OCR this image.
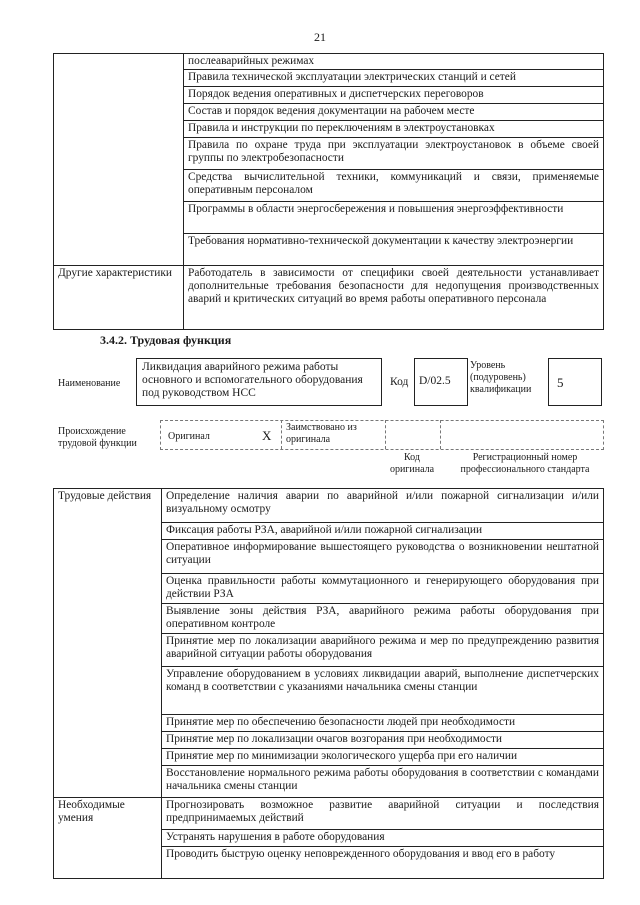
21
	послеаварийных режимах
	Правила технической эксплуатации электрических станций и сетей
	Порядок ведения оперативных и диспетчерских переговоров
	Состав и порядок ведения документации на рабочем месте
	Правила и инструкции по переключениям в электроустановках
	Правила по охране труда при эксплуатации электроустановок в объеме своей группы по электробезопасности
	Средства вычислительной техники, коммуникаций и связи, применяемые оперативным персоналом
	Программы в области энергосбережения и повышения энергоэффективности
	Требования нормативно-технической документации к качеству электроэнергии
Другие характеристики	Работодатель в зависимости от специфики своей деятельности устанавливает дополнительные требования безопасности для недопущения производственных аварий и критических ситуаций во время работы оперативного персонала
3.4.2. Трудовая функция
Наименование
Ликвидация аварийного режима работы основного и вспомогательного оборудования под руководством НСС
Код D/02.5
Уровень (подуровень) квалификации	5
Происхождение трудовой функции
Оригинал	X
Заимствовано из оригинала
Код оригинала
Регистрационный номер профессионального стандарта
Трудовые действия	Определение наличия аварии по аварийной и/или пожарной сигнализации и/или визуальному осмотру
	Фиксация работы РЗА, аварийной и/или пожарной сигнализации
	Оперативное информирование вышестоящего руководства о возникновении нештатной ситуации
	Оценка правильности работы коммутационного и генерирующего оборудования при действии РЗА
	Выявление зоны действия РЗА, аварийного режима работы оборудования при оперативном контроле
	Принятие мер по локализации аварийного режима и мер по предупреждению развития аварийной ситуации работы оборудования
	Управление оборудованием в условиях ликвидации аварий, выполнение диспетчерских команд в соответствии с указаниями начальника смены станции
	Принятие мер по обеспечению безопасности людей при необходимости
	Принятие мер по локализации очагов возгорания при необходимости
	Принятие мер по минимизации экологического ущерба при его наличии
	Восстановление нормального режима работы оборудования в соответствии с командами начальника смены станции
Необходимые умения	Прогнозировать возможное развитие аварийной ситуации и последствия предпринимаемых действий
	Устранять нарушения в работе оборудования
	Проводить быструю оценку неповрежденного оборудования и ввод его в работу
